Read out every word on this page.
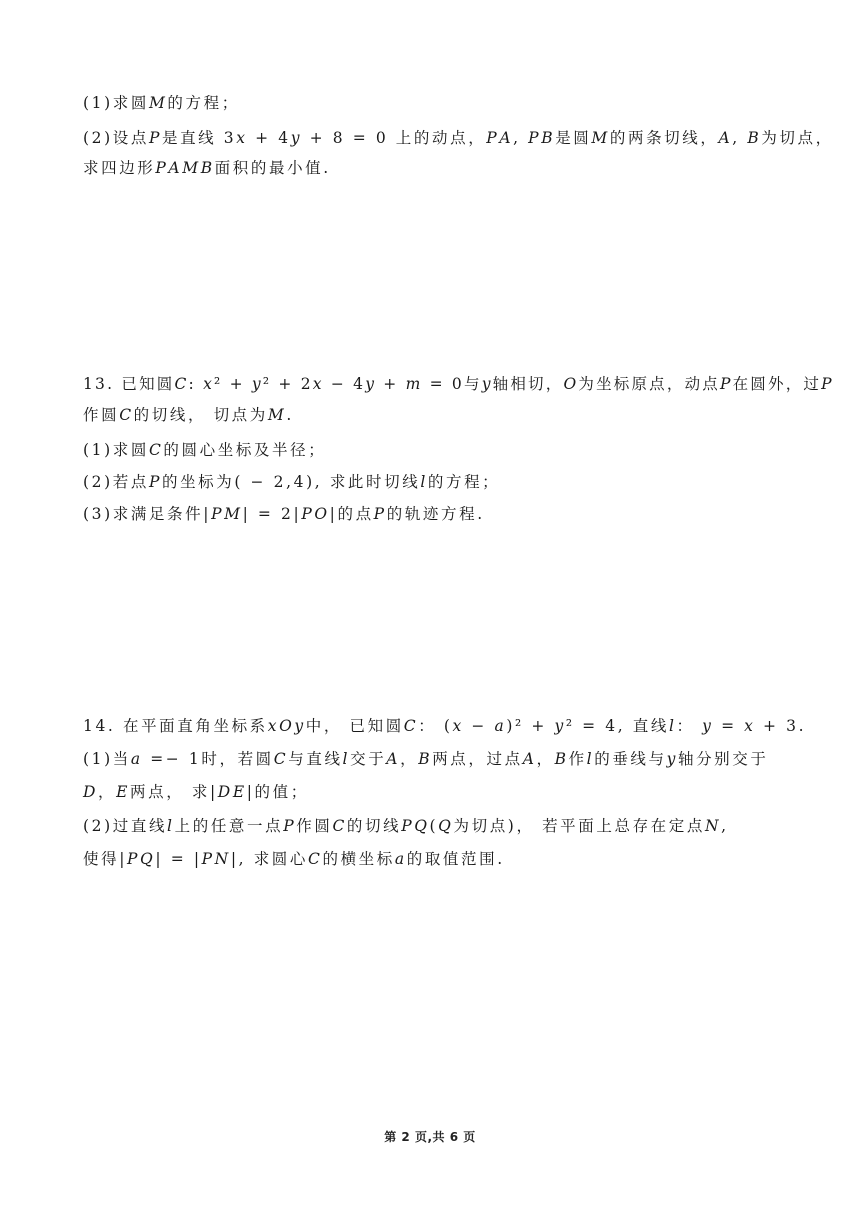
(1)求圆𝑀的方程；
(2)设点𝑃是直线 3𝑥 + 4𝑦 + 8 = 0 上的动点，𝑃𝐴, 𝑃𝐵是圆𝑀的两条切线，𝐴, 𝐵为切点，
求四边形𝑃𝐴𝑀𝐵面积的最小值.
13. 已知圆𝐶: 𝑥² + 𝑦² + 2𝑥 − 4𝑦 + 𝑚 = 0与𝑦轴相切，𝑂为坐标原点，动点𝑃在圆外，过𝑃
作圆𝐶的切线， 切点为𝑀.
(1)求圆𝐶的圆心坐标及半径；
(2)若点𝑃的坐标为( − 2,4), 求此时切线𝑙的方程；
(3)求满足条件|𝑃𝑀| = 2|𝑃𝑂|的点𝑃的轨迹方程.
14. 在平面直角坐标系𝑥𝑂𝑦中， 已知圆𝐶： (𝑥 − 𝑎)² + 𝑦² = 4, 直线𝑙： 𝑦 = 𝑥 + 3.
(1)当𝑎 =− 1时，若圆𝐶与直线𝑙交于𝐴，𝐵两点，过点𝐴，𝐵作𝑙的垂线与𝑦轴分别交于
𝐷，𝐸两点， 求|𝐷𝐸|的值；
(2)过直线𝑙上的任意一点𝑃作圆𝐶的切线𝑃𝑄(𝑄为切点)， 若平面上总存在定点𝑁,
使得|𝑃𝑄| = |𝑃𝑁|, 求圆心𝐶的横坐标𝑎的取值范围.
第 2 页,共 6 页
